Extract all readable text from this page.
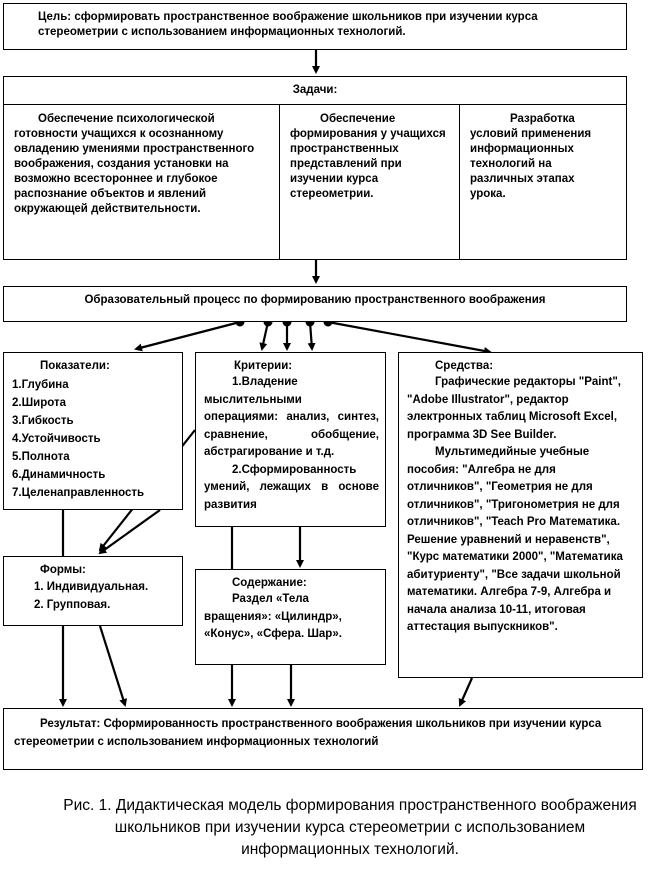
Цель: сформировать пространственное воображение школьников при изучении курса стереометрии с использованием информационных технологий.
Задачи:
Обеспечение психологической готовности учащихся к осознанному овладению умениями пространственного воображения, создания установки на возможно всестороннее и глубокое распознание объектов и явлений окружающей действительности.
Обеспечение формирования у учащихся пространственных представлений при изучении курса стереометрии.
Разработка условий применения информационных технологий на различных этапах урока.
Образовательный процесс по формированию пространственного воображения
Показатели:
1.Глубина
2.Широта
3.Гибкость
4.Устойчивость
5.Полнота
6.Динамичность
7.Целенаправленность
Критерии:
1.Владение мыслительными операциями: анализ, синтез, сравнение, обобщение, абстрагирование и т.д.
2.Сформированность умений, лежащих в основе развития
Средства:
Графические редакторы "Paint", "Adobe Illustrator", редактор электронных таблиц Microsoft Excel, программа 3D See Builder.
Мультимедийные учебные пособия: "Алгебра не для отличников", "Геометрия не для отличников", "Тригонометрия не для отличников", "Teach Pro Математика. Решение уравнений и неравенств", "Курс математики 2000", "Математика абитуриенту", "Все задачи школьной математики. Алгебра 7-9, Алгебра и начала анализа 10-11, итоговая аттестация выпускников".
Формы:
1. Индивидуальная.
2. Групповая.
Содержание:
Раздел «Тела вращения»: «Цилиндр», «Конус», «Сфера. Шар».
Результат: Сформированность пространственного воображения школьников при изучении курса стереометрии с использованием информационных технологий
Рис. 1. Дидактическая модель формирования пространственного воображения школьников при изучении курса стереометрии с использованием информационных технологий.
